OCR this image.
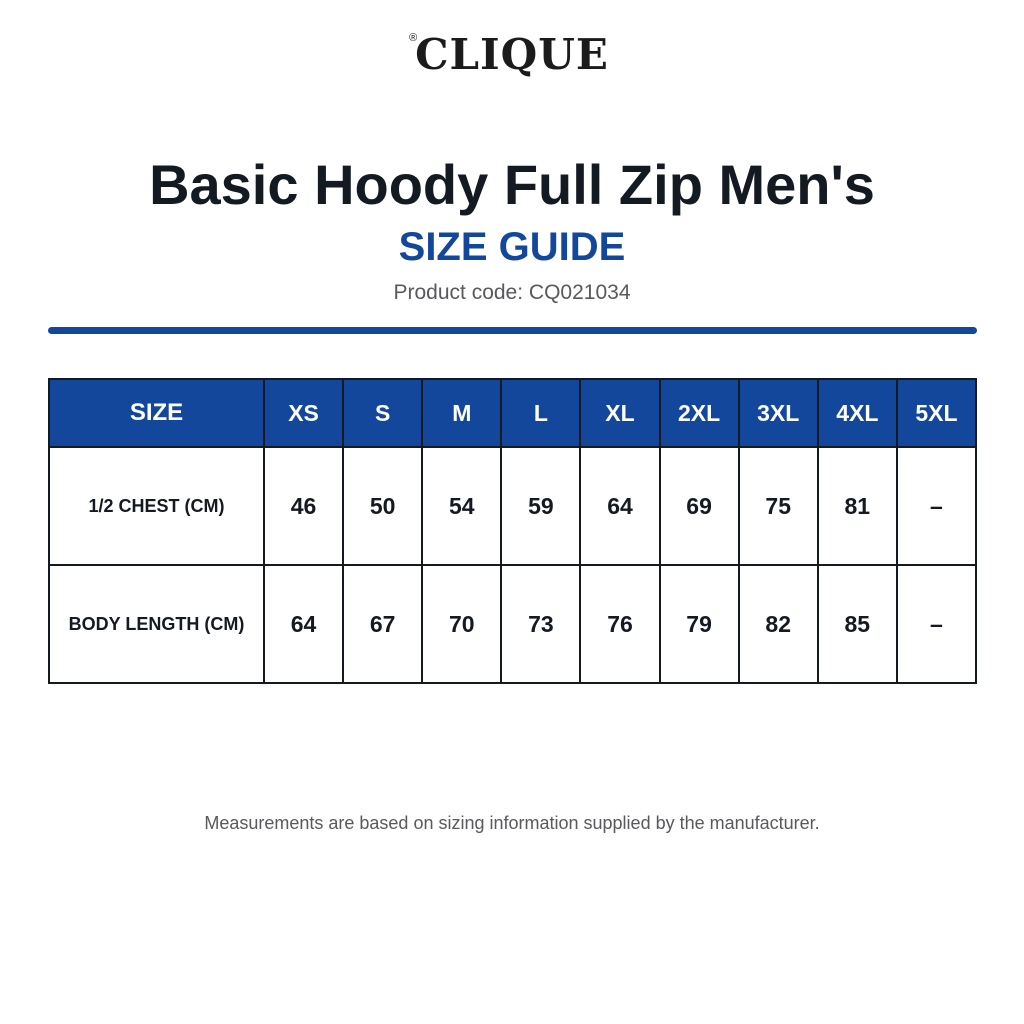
®
CLIQUE
Basic Hoody Full Zip Men's
SIZE GUIDE
Product code: CQ021034
SIZE	XS	S	M	L	XL	2XL	3XL	4XL	5XL
1/2 CHEST (CM)	46	50	54	59	64	69	75	81	–
BODY LENGTH (CM)	64	67	70	73	76	79	82	85	–
Measurements are based on sizing information supplied by the manufacturer.
